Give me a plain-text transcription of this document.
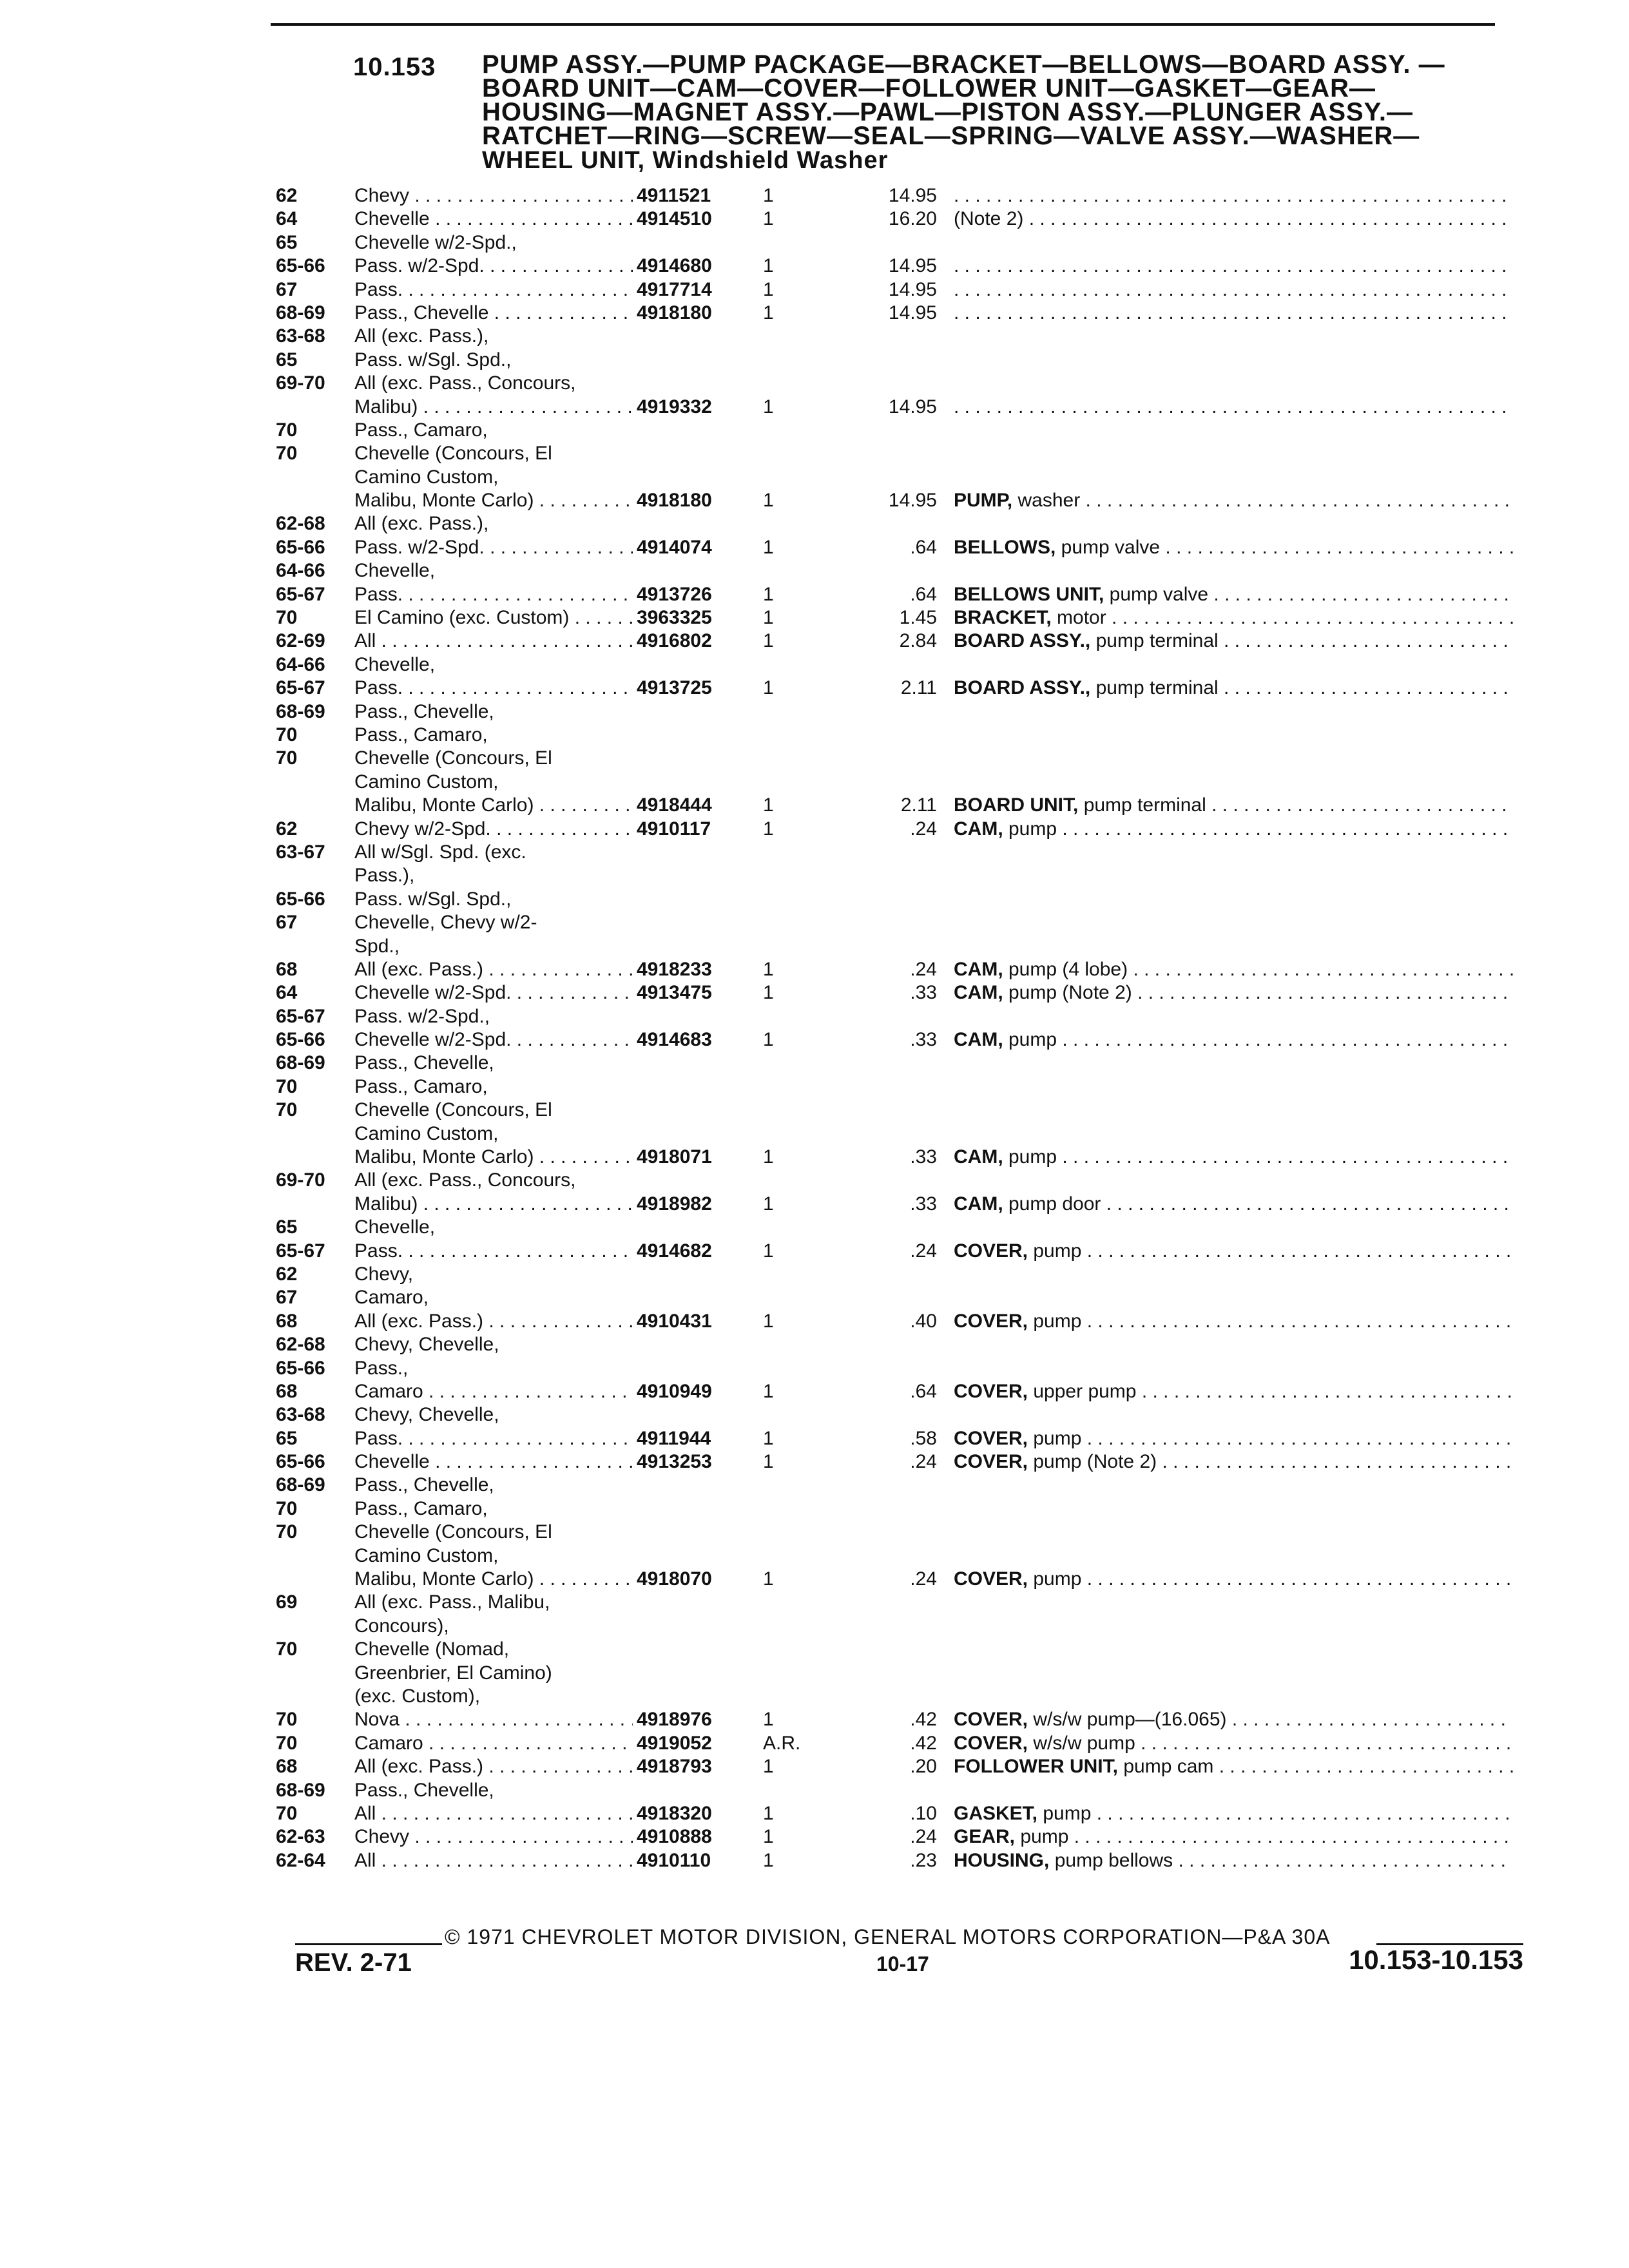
10.153 PUMP ASSY.—PUMP PACKAGE—BRACKET—BELLOWS—BOARD ASSY. —BOARD UNIT—CAM—COVER—FOLLOWER UNIT—GASKET—GEAR— HOUSING—MAGNET ASSY.—PAWL—PISTON ASSY.—PLUNGER ASSY.— RATCHET—RING—SCREW—SEAL—SPRING—VALVE ASSY.—WASHER—
WHEEL UNIT, Windshield Washer
62	Chevy . . .	4911521	1	14.95
. . .
64	Chevelle . . .	4914510	1	16.20 (Note 2) . . .
65	Chevelle w/2-Spd.,
65-66	Pass. w/2-Spd. . . .	4914680	1	14.95
. . .
67	Pass. . . .	4917714	1	14.95
. . .
68-69	Pass., Chevelle . . .	4918180	1	14.95
. . .
63-68	All (exc. Pass.),
65	Pass. w/Sgl. Spd.,
69-70	All (exc. Pass., Concours,
Malibu) . . .	4919332	1	14.95
. . .
70	Pass., Camaro,
70	Chevelle (Concours, El
Camino Custom,
Malibu, Monte Carlo) . . .	4918180	1	14.95 PUMP, washer . . .
62-68	All (exc. Pass.),
65-66	Pass. w/2-Spd. . . .	4914074	1	.64 BELLOWS, pump valve . . .
64-66	Chevelle,
65-67	Pass. . . .	4913726	1	.64 BELLOWS UNIT, pump valve . . .
70	El Camino (exc. Custom) . . .	3963325	1	1.45 BRACKET, motor . . .
62-69	All . . .	4916802	1	2.84 BOARD ASSY., pump terminal . . .
64-66	Chevelle,
65-67	Pass. . . .	4913725	1	2.11 BOARD ASSY., pump terminal . . .
68-69	Pass., Chevelle,
70	Pass., Camaro,
70	Chevelle (Concours, El
Camino Custom,
Malibu, Monte Carlo) . . .	4918444	1	2.11 BOARD UNIT, pump terminal . . .
62	Chevy w/2-Spd. . . .	4910117	1	.24 CAM, pump . . .
63-67	All w/Sgl. Spd. (exc.
Pass.),
65-66	Pass. w/Sgl. Spd.,
67	Chevelle, Chevy w/2-
Spd.,
68	All (exc. Pass.) . . .	4918233	1	.24 CAM, pump (4 lobe) . . .
64	Chevelle w/2-Spd. . . .	4913475	1	.33 CAM, pump (Note 2) . . .
65-67	Pass. w/2-Spd.,
65-66	Chevelle w/2-Spd. . . .	4914683	1	.33 CAM, pump . . .
68-69	Pass., Chevelle,
70	Pass., Camaro,
70	Chevelle (Concours, El
Camino Custom,
Malibu, Monte Carlo) . . .	4918071	1	.33 CAM, pump . . .
69-70	All (exc. Pass., Concours,
Malibu) . . .	4918982	1	.33 CAM, pump door . . .
65	Chevelle,
65-67	Pass. . . .	4914682	1	.24 COVER, pump . . .
62	Chevy,
67	Camaro,
68	All (exc. Pass.) . . .	4910431	1	.40 COVER, pump . . .
62-68	Chevy, Chevelle,
65-66	Pass.,
68	Camaro . . .	4910949	1	.64 COVER, upper pump . . .
63-68	Chevy, Chevelle,
65	Pass. . . .	4911944	1	.58 COVER, pump . . .
65-66	Chevelle . . .	4913253	1	.24 COVER, pump (Note 2) . . .
68-69	Pass., Chevelle,
70	Pass., Camaro,
70	Chevelle (Concours, El
Camino Custom,
Malibu, Monte Carlo) . . .	4918070	1	.24 COVER, pump . . .
69	All (exc. Pass., Malibu,
Concours),
70	Chevelle (Nomad,
Greenbrier, El Camino)
(exc. Custom),
70	Nova . . .	4918976	1	.42 COVER, w/s/w pump—(16.065) . . .
70	Camaro . . .	4919052	A.R.	.42 COVER, w/s/w pump . . .
68	All (exc. Pass.) . . .	4918793	1	.20 FOLLOWER UNIT, pump cam . . .
68-69	Pass., Chevelle,
70	All . . .	4918320	1	.10 GASKET, pump . . .
62-63	Chevy . . .	4910888	1	.24 GEAR, pump . . .
62-64	All . . .	4910110	1	.23 HOUSING, pump bellows . . .
© 1971 CHEVROLET MOTOR DIVISION, GENERAL MOTORS CORPORATION—P&A 30A
REV. 2-71	10-17	10.153-10.153
